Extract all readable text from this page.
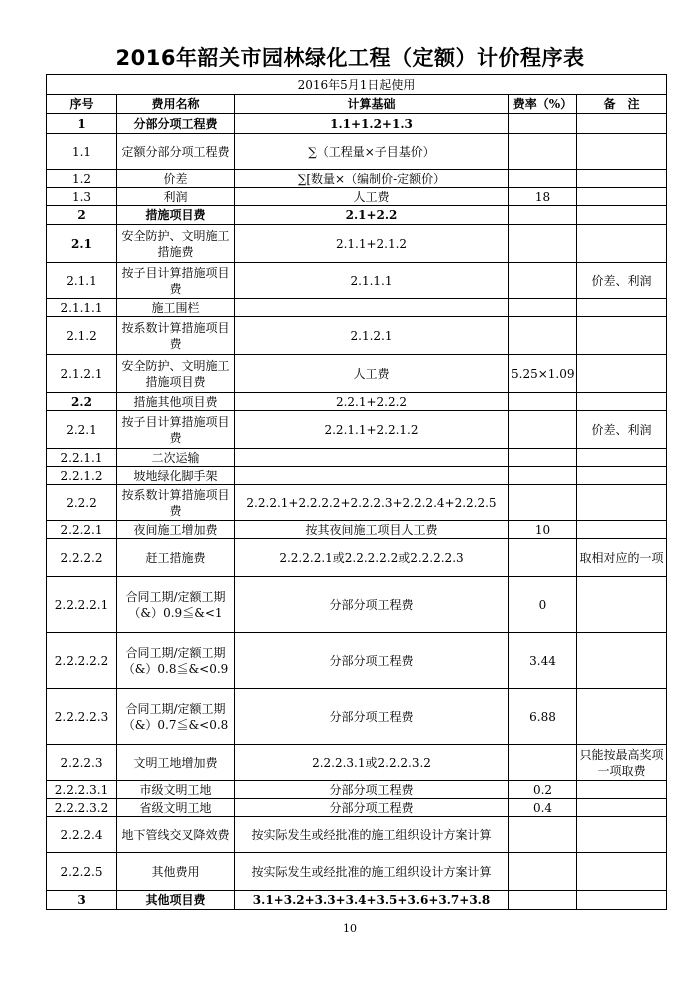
2016年韶关市园林绿化工程（定额）计价程序表
2016年5月1日起使用				
序号	费用名称	计算基础	费率（%）	备　注
1	分部分项工程费	1.1+1.2+1.3		
1.1	定额分部分项工程费	∑（工程量×子目基价）		
1.2	价差	∑[数量×（编制价-定额价）		
1.3	利润	人工费	18	
2	措施项目费	2.1+2.2		
2.1	安全防护、文明施工措施费	2.1.1+2.1.2		
2.1.1	按子目计算措施项目费	2.1.1.1		价差、利润
2.1.1.1	施工围栏			
2.1.2	按系数计算措施项目费	2.1.2.1		
2.1.2.1	安全防护、文明施工措施项目费	人工费	5.25×1.09	
2.2	措施其他项目费	2.2.1+2.2.2		
2.2.1	按子目计算措施项目费	2.2.1.1+2.2.1.2		价差、利润
2.2.1.1	二次运输			
2.2.1.2	坡地绿化脚手架			
2.2.2	按系数计算措施项目费	2.2.2.1+2.2.2.2+2.2.2.3+2.2.2.4+2.2.2.5		
2.2.2.1	夜间施工增加费	按其夜间施工项目人工费	10	
2.2.2.2	赶工措施费	2.2.2.2.1或2.2.2.2.2或2.2.2.2.3		取相对应的一项
2.2.2.2.1	合同工期/定额工期（&）0.9≦&<1	分部分项工程费	0	
2.2.2.2.2	合同工期/定额工期（&）0.8≦&<0.9	分部分项工程费	3.44	
2.2.2.2.3	合同工期/定额工期（&）0.7≦&<0.8	分部分项工程费	6.88	
2.2.2.3	文明工地增加费	2.2.2.3.1或2.2.2.3.2		只能按最高奖项一项取费
2.2.2.3.1	市级文明工地	分部分项工程费	0.2	
2.2.2.3.2	省级文明工地	分部分项工程费	0.4	
2.2.2.4	地下管线交叉降效费	按实际发生或经批准的施工组织设计方案计算		
2.2.2.5	其他费用	按实际发生或经批准的施工组织设计方案计算		
3	其他项目费	3.1+3.2+3.3+3.4+3.5+3.6+3.7+3.8		
10
